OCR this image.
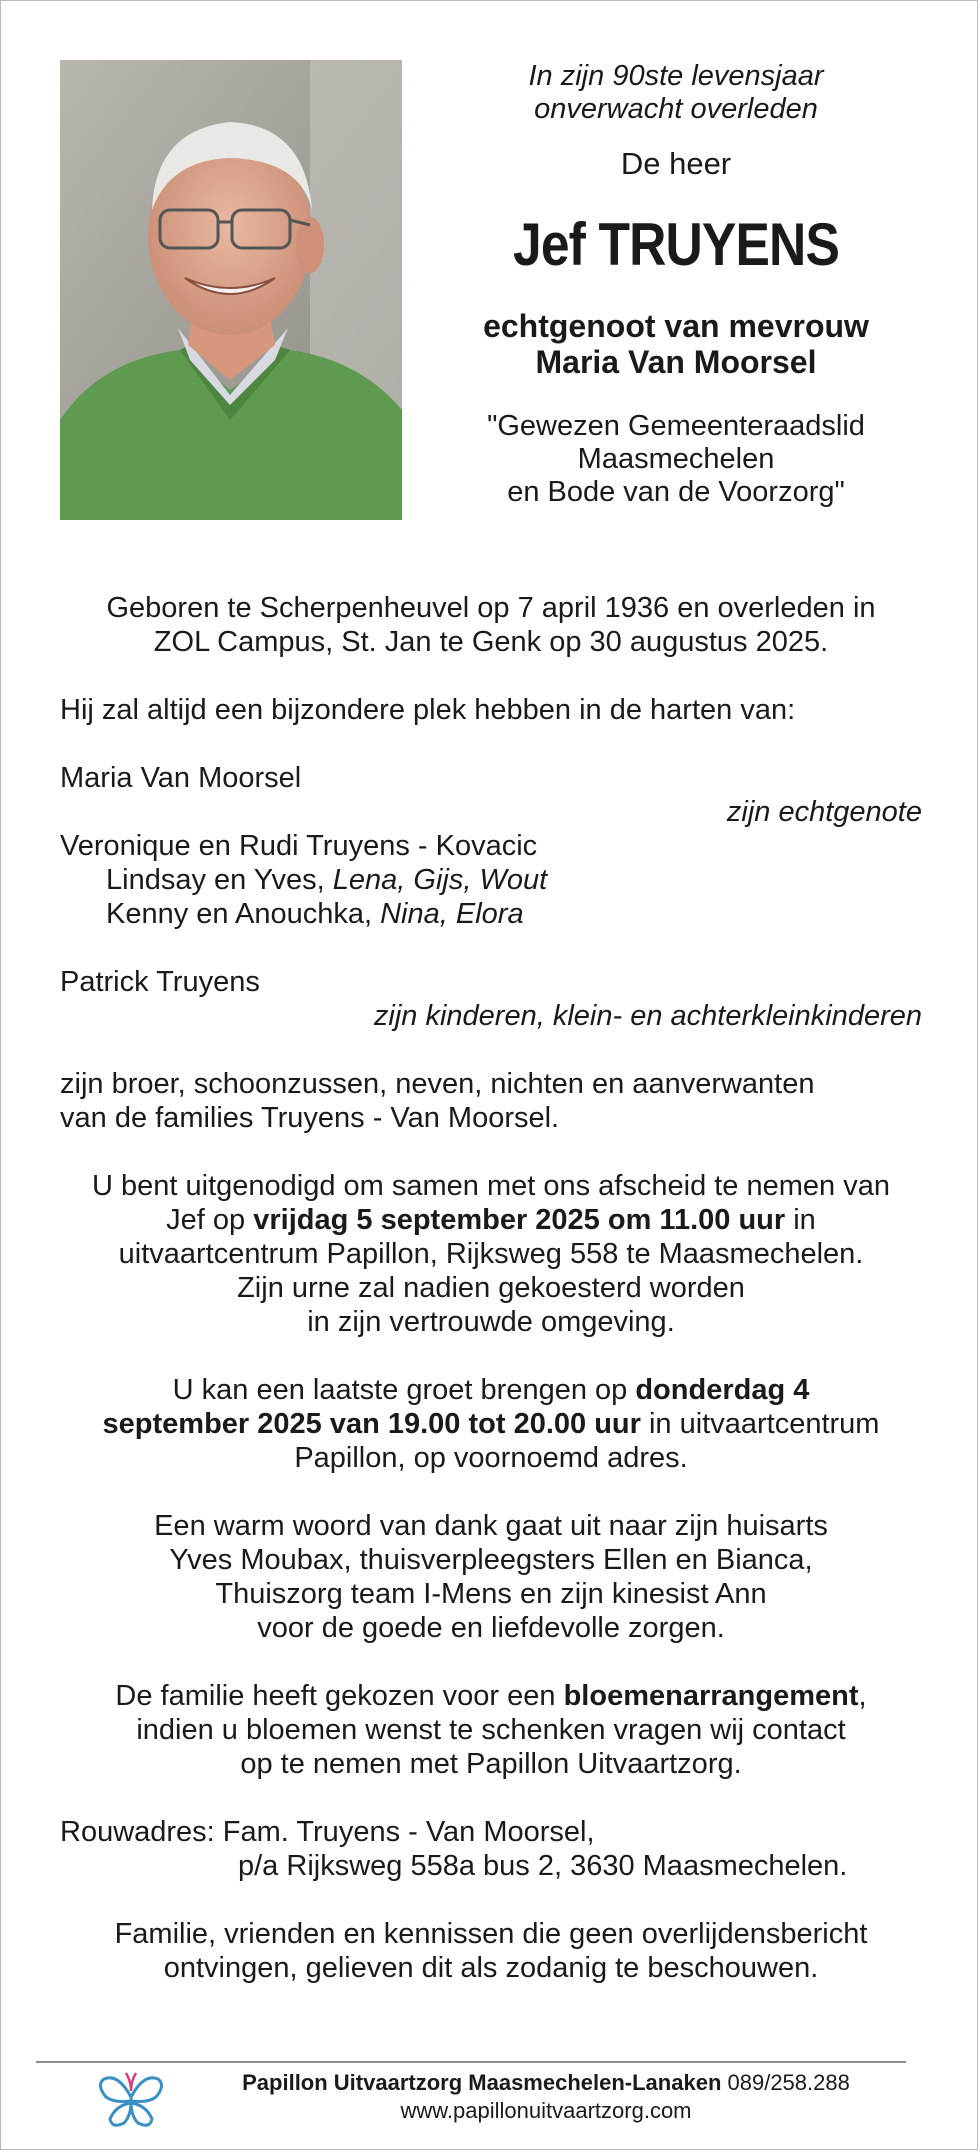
In zijn 90ste levensjaar

onverwacht overleden

De heer
Jef TRUYENS
echtgenoot van mevrouw
Maria Van Moorsel
"Gewezen Gemeenteraadslid
Maasmechelen
en Bode van de Voorzorg"
Geboren te Scherpenheuvel op 7 april 1936 en overleden in
ZOL Campus, St. Jan te Genk op 30 augustus 2025.
Hij zal altijd een bijzondere plek hebben in de harten van:
Maria Van Moorsel
zijn echtgenote
Veronique en Rudi Truyens - Kovacic
Lindsay en Yves, Lena, Gijs, Wout
Kenny en Anouchka, Nina, Elora
Patrick Truyens
zijn kinderen, klein- en achterkleinkinderen
zijn broer, schoonzussen, neven, nichten en aanverwanten
van de families Truyens - Van Moorsel.
U bent uitgenodigd om samen met ons afscheid te nemen van
Jef op vrijdag 5 september 2025 om 11.00 uur in
uitvaartcentrum Papillon, Rijksweg 558 te Maasmechelen.
Zijn urne zal nadien gekoesterd worden
in zijn vertrouwde omgeving.
U kan een laatste groet brengen op donderdag 4
september 2025 van 19.00 tot 20.00 uur in uitvaartcentrum
Papillon, op voornoemd adres.
Een warm woord van dank gaat uit naar zijn huisarts
Yves Moubax, thuisverpleegsters Ellen en Bianca,
Thuiszorg team I-Mens en zijn kinesist Ann
voor de goede en liefdevolle zorgen.
De familie heeft gekozen voor een bloemenarrangement,
indien u bloemen wenst te schenken vragen wij contact
op te nemen met Papillon Uitvaartzorg.
Rouwadres: Fam. Truyens - Van Moorsel,
p/a Rijksweg 558a bus 2, 3630 Maasmechelen.
Familie, vrienden en kennissen die geen overlijdensbericht
ontvingen, gelieven dit als zodanig te beschouwen.
Papillon Uitvaartzorg Maasmechelen-Lanaken 089/258.288
www.papillonuitvaartzorg.com
